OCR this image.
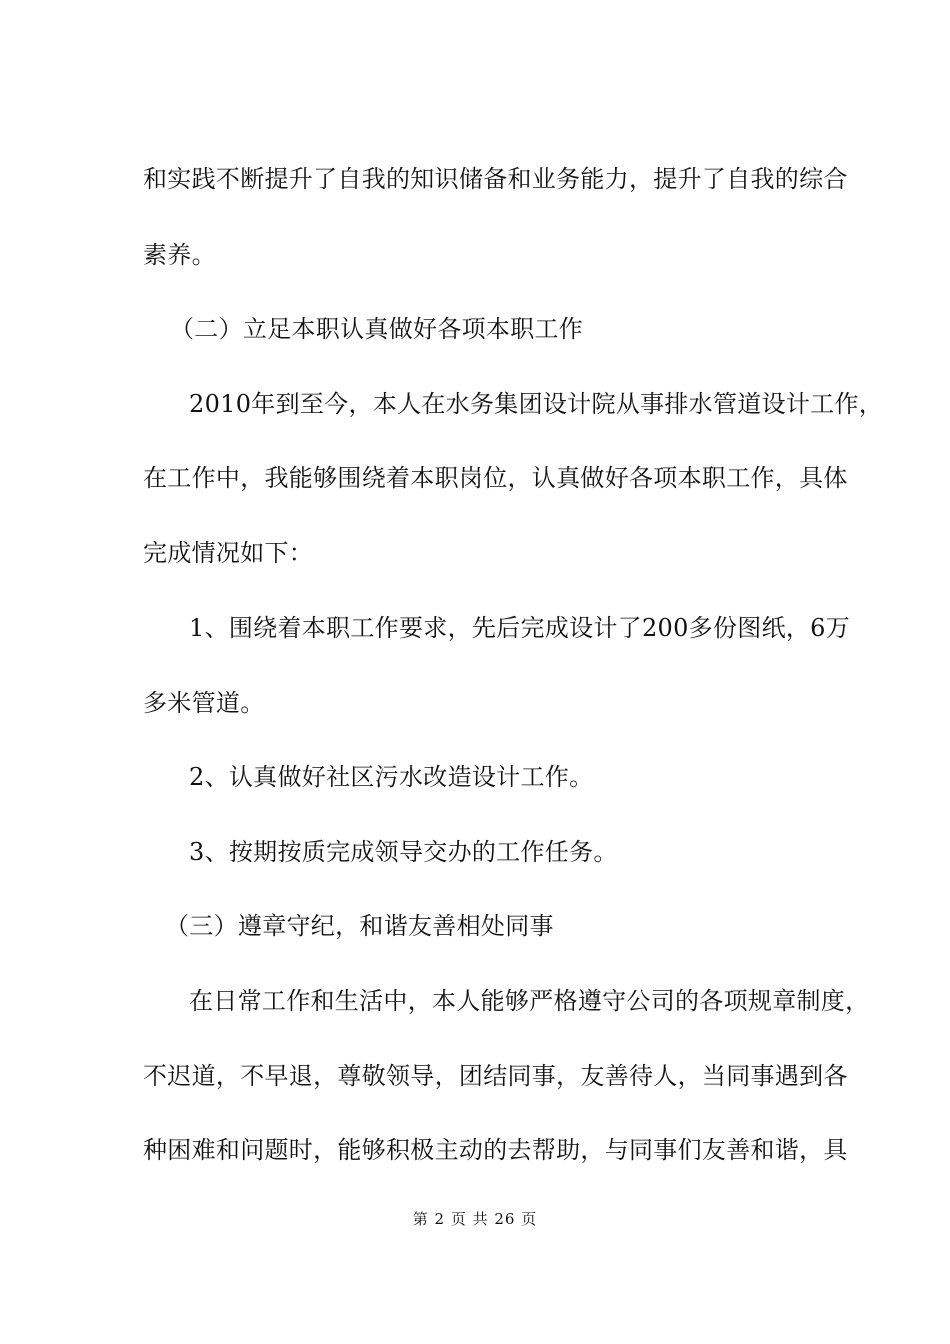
和实践不断提升了自我的知识储备和业务能力，提升了自我的综合

素养。

（二）立足本职认真做好各项本职工作

2010年到至今，本人在水务集团设计院从事排水管道设计工作，

在工作中，我能够围绕着本职岗位，认真做好各项本职工作，具体

完成情况如下：

1、围绕着本职工作要求，先后完成设计了200多份图纸，6万

多米管道。

2、认真做好社区污水改造设计工作。

3、按期按质完成领导交办的工作任务。

（三）遵章守纪，和谐友善相处同事

在日常工作和生活中，本人能够严格遵守公司的各项规章制度，

不迟道，不早退，尊敬领导，团结同事，友善待人，当同事遇到各

种困难和问题时，能够积极主动的去帮助，与同事们友善和谐，具

第 2 页 共 26 页
